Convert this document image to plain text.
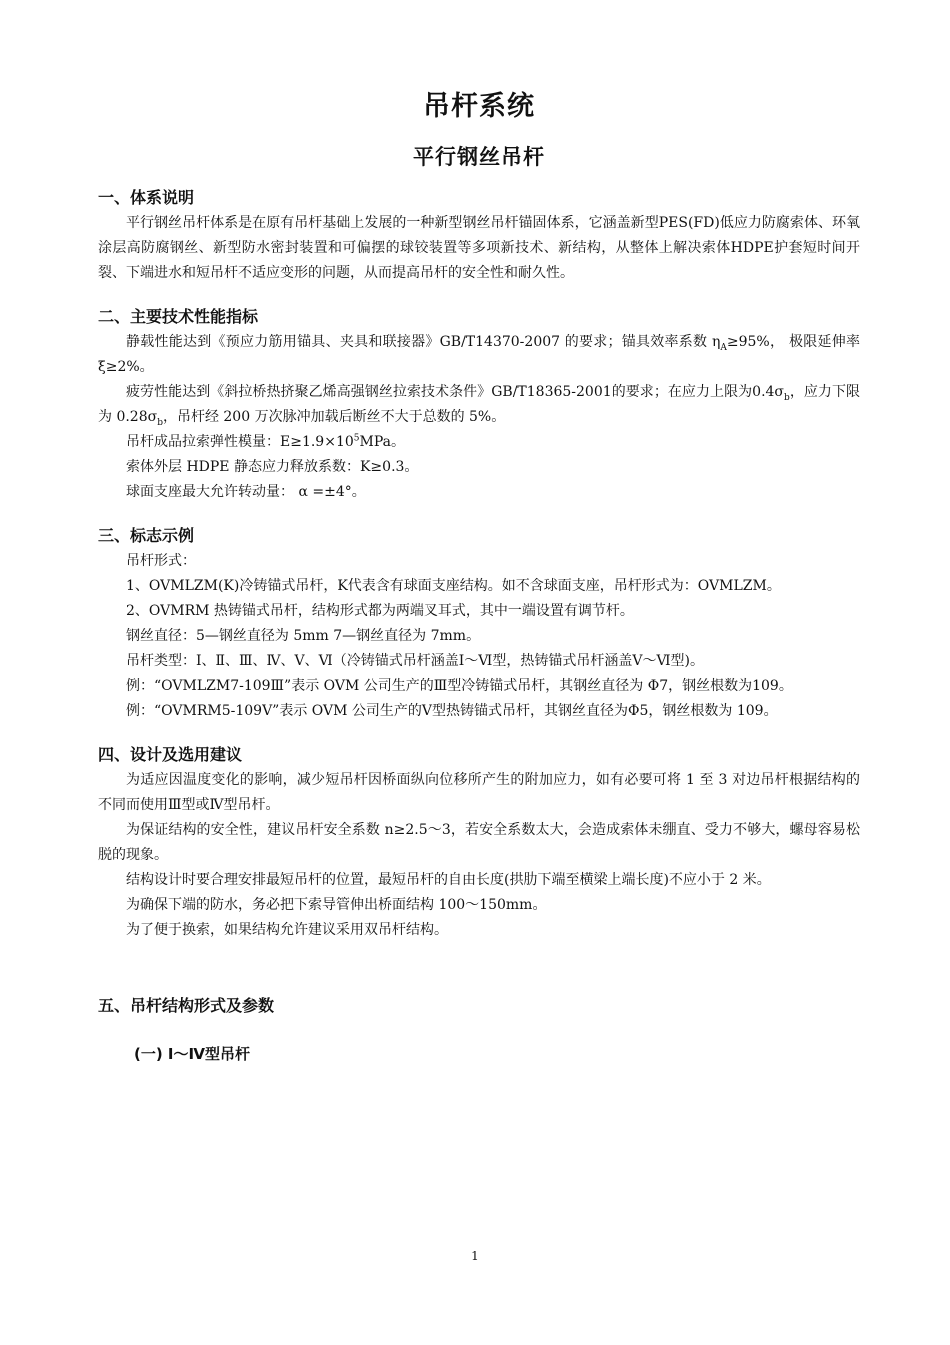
吊杆系统
平行钢丝吊杆
一、体系说明

平行钢丝吊杆体系是在原有吊杆基础上发展的一种新型钢丝吊杆锚固体系，它涵盖新型PES(FD)低应力防腐索体、环氧涂层高防腐钢丝、新型防水密封装置和可偏摆的球铰装置等多项新技术、新结构，从整体上解决索体HDPE护套短时间开裂、下端进水和短吊杆不适应变形的问题，从而提高吊杆的安全性和耐久性。

二、主要技术性能指标

静载性能达到《预应力筋用锚具、夹具和联接器》GB/T14370-2007 的要求；锚具效率系数 $\eta_A\ge 95\%$， 极限延伸率ξ≥2%。

疲劳性能达到《斜拉桥热挤聚乙烯高强钢丝拉索技术条件》GB/T18365-2001的要求；在应力上限为$0.4\sigma_b$，应力下限为 $0.28\sigma_b$，吊杆经 200 万次脉冲加载后断丝不大于总数的 5%。

吊杆成品拉索弹性模量：$E\ge 1.9\times 10^5MPa$。

索体外层 HDPE 静态应力释放系数：K≥0.3。

球面支座最大允许转动量： α =±4°。

三、标志示例

吊杆形式：

1、OVMLZM(K)冷铸锚式吊杆，K代表含有球面支座结构。如不含球面支座，吊杆形式为：OVMLZM。

2、OVMRM 热铸锚式吊杆，结构形式都为两端叉耳式，其中一端设置有调节杆。

钢丝直径：5—钢丝直径为 5mm 7—钢丝直径为 7mm。

吊杆类型：Ⅰ、Ⅱ、Ⅲ、Ⅳ、Ⅴ、Ⅵ（冷铸锚式吊杆涵盖Ⅰ～Ⅵ型，热铸锚式吊杆涵盖Ⅴ～Ⅵ型)。

例：“OVMLZM7-109Ⅲ”表示 OVM 公司生产的Ⅲ型冷铸锚式吊杆，其钢丝直径为 Φ7，钢丝根数为109。

例：“OVMRM5-109Ⅴ”表示 OVM 公司生产的Ⅴ型热铸锚式吊杆，其钢丝直径为Φ5，钢丝根数为 109。

四、设计及选用建议

为适应因温度变化的影响，减少短吊杆因桥面纵向位移所产生的附加应力，如有必要可将 1 至 3 对边吊杆根据结构的不同而使用Ⅲ型或Ⅳ型吊杆。

为保证结构的安全性，建议吊杆安全系数 n≥2.5～3，若安全系数太大，会造成索体未绷直、受力不够大，螺母容易松脱的现象。

结构设计时要合理安排最短吊杆的位置，最短吊杆的自由长度(拱肋下端至横梁上端长度)不应小于 2 米。

为确保下端的防水，务必把下索导管伸出桥面结构 100～150mm。

为了便于换索，如果结构允许建议采用双吊杆结构。

五、吊杆结构形式及参数
(一) Ⅰ～Ⅳ型吊杆
1
